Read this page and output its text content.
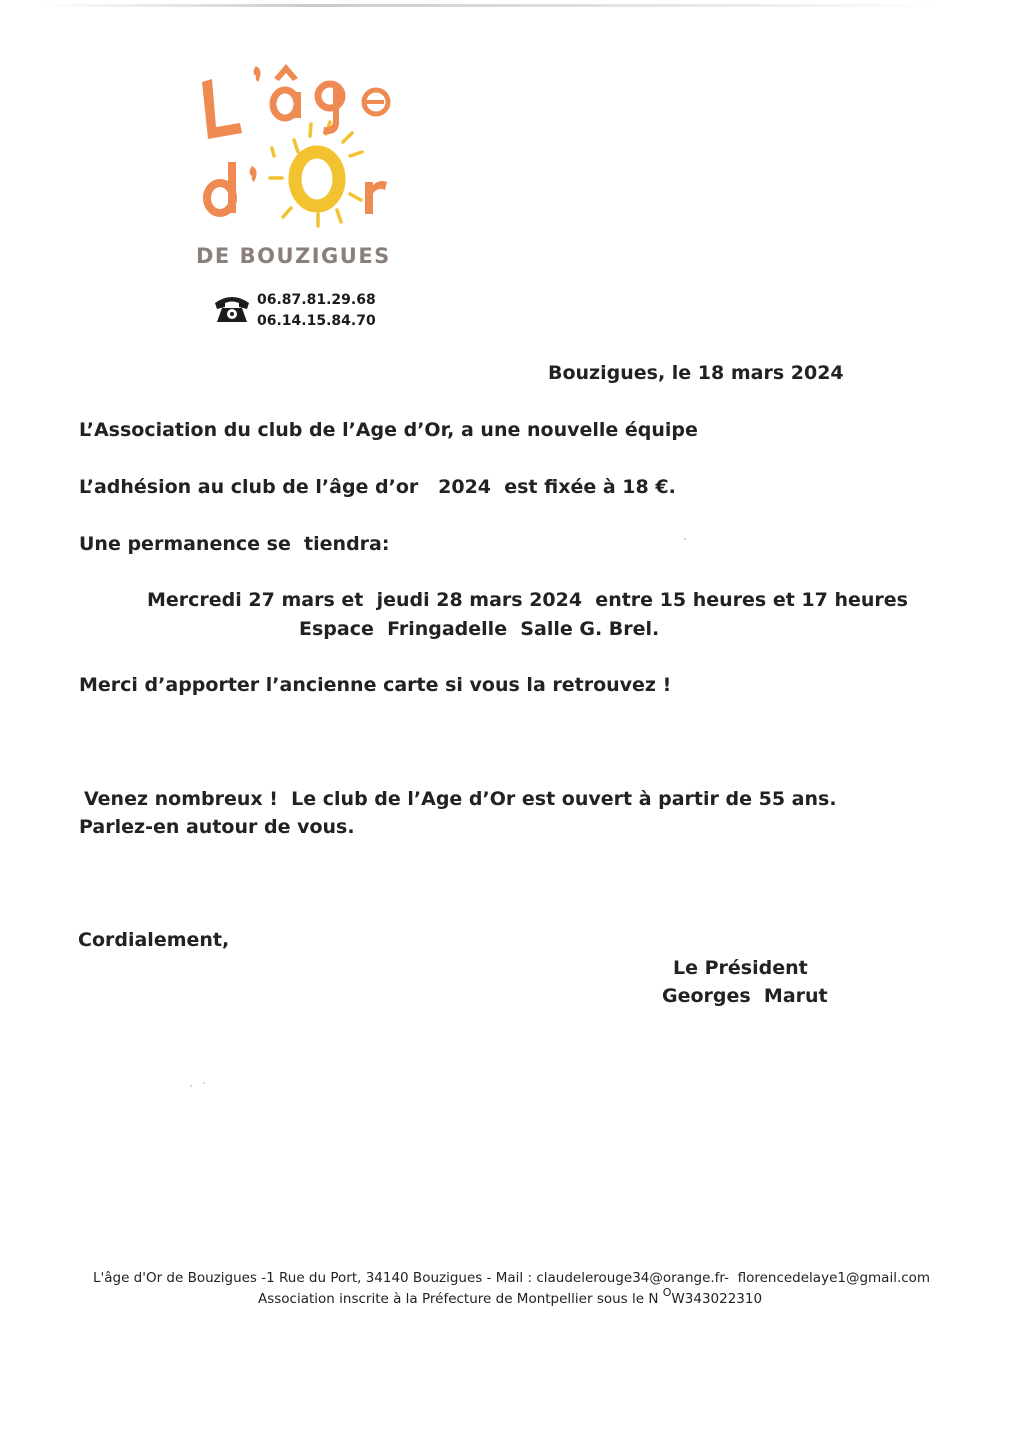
DE BOUZIGUES
06.87.81.29.68
06.14.15.84.70
Bouzigues, le 18 mars 2024
L’Association du club de l’Age d’Or, a une nouvelle équipe
L’adhésion au club de l’âge d’or   2024  est fixée à 18 €.
Une permanence se  tiendra:
Mercredi 27 mars et  jeudi 28 mars 2024  entre 15 heures et 17 heures
Espace  Fringadelle  Salle G. Brel.
Merci d’apporter l’ancienne carte si vous la retrouvez !
Venez nombreux !  Le club de l’Age d’Or est ouvert à partir de 55 ans.
Parlez-en autour de vous.
Cordialement,
Le Président
Georges  Marut
L'âge d'Or de Bouzigues -1 Rue du Port, 34140 Bouzigues - Mail : claudelerouge34@orange.fr-  florencedelaye1@gmail.com
Association inscrite à la Préfecture de Montpellier sous le N $^O$W343022310
